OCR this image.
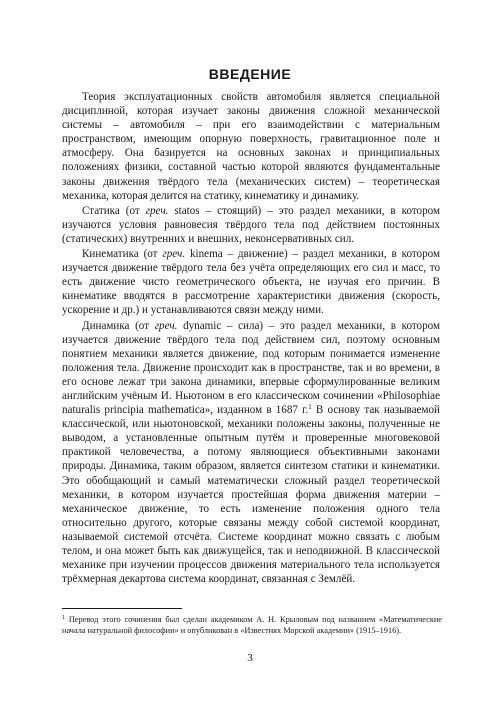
ВВЕДЕНИЕ

Теория эксплуатационных свойств автомобиля является специальной дисциплиной, которая изучает законы движения сложной механической системы – автомобиля – при его взаимодействии с материальным пространством, имеющим опорную поверхность, гравитационное поле и атмосферу. Она базируется на основных законах и принципиальных положениях физики, составной частью которой являются фундаментальные законы движения твёрдого тела (механических систем) – теоретическая механика, которая делится на статику, кинематику и динамику.

Статика (от греч. statos – стоящий) – это раздел механики, в котором изучаются условия равновесия твёрдого тела под действием постоянных (статических) внутренних и внешних, неконсервативных сил.

Кинематика (от греч. kinema – движение) – раздел механики, в котором изучается движение твёрдого тела без учёта определяющих его сил и масс, то есть движение чисто геометрического объекта, не изучая его причин. В кинематике вводятся в рассмотрение характеристики движения (скорость, ускорение и др.) и устанавливаются связи между ними.

Динамика (от греч. dynamic – сила) – это раздел механики, в котором изучается движение твёрдого тела под действием сил, поэтому основным понятием механики является движение, под которым понимается изменение положения тела. Движение происходит как в пространстве, так и во времени, в его основе лежат три закона динамики, впервые сформулированные великим английским учёным И. Ньютоном в его классическом сочинении «Philosophiae naturalis principia mathematica», изданном в 1687 г.$^1$ В основу так называемой классической, или ньютоновской, механики положены законы, полученные не выводом, а установленные опытным путём и проверенные многовековой практикой человечества, а потому являющиеся объективными законами природы. Динамика, таким образом, является синтезом статики и кинематики. Это обобщающий и самый математически сложный раздел теоретической механики, в котором изучается простейшая форма движения материи – механическое движение, то есть изменение положения одного тела относительно другого, которые связаны между собой системой координат, называемой системой отсчёта. Системе координат можно связать с любым телом, и она может быть как движущейся, так и неподвижной. В классической механике при изучении процессов движения материального тела используется трёхмерная декартова система координат, связанная с Землёй.

$^1$ Перевод этого сочинения был сделан академиком А. Н. Крыловым под названием «Математические начала натуральной философии» и опубликован в «Известиях Морской академии» (1915–1916).
3
